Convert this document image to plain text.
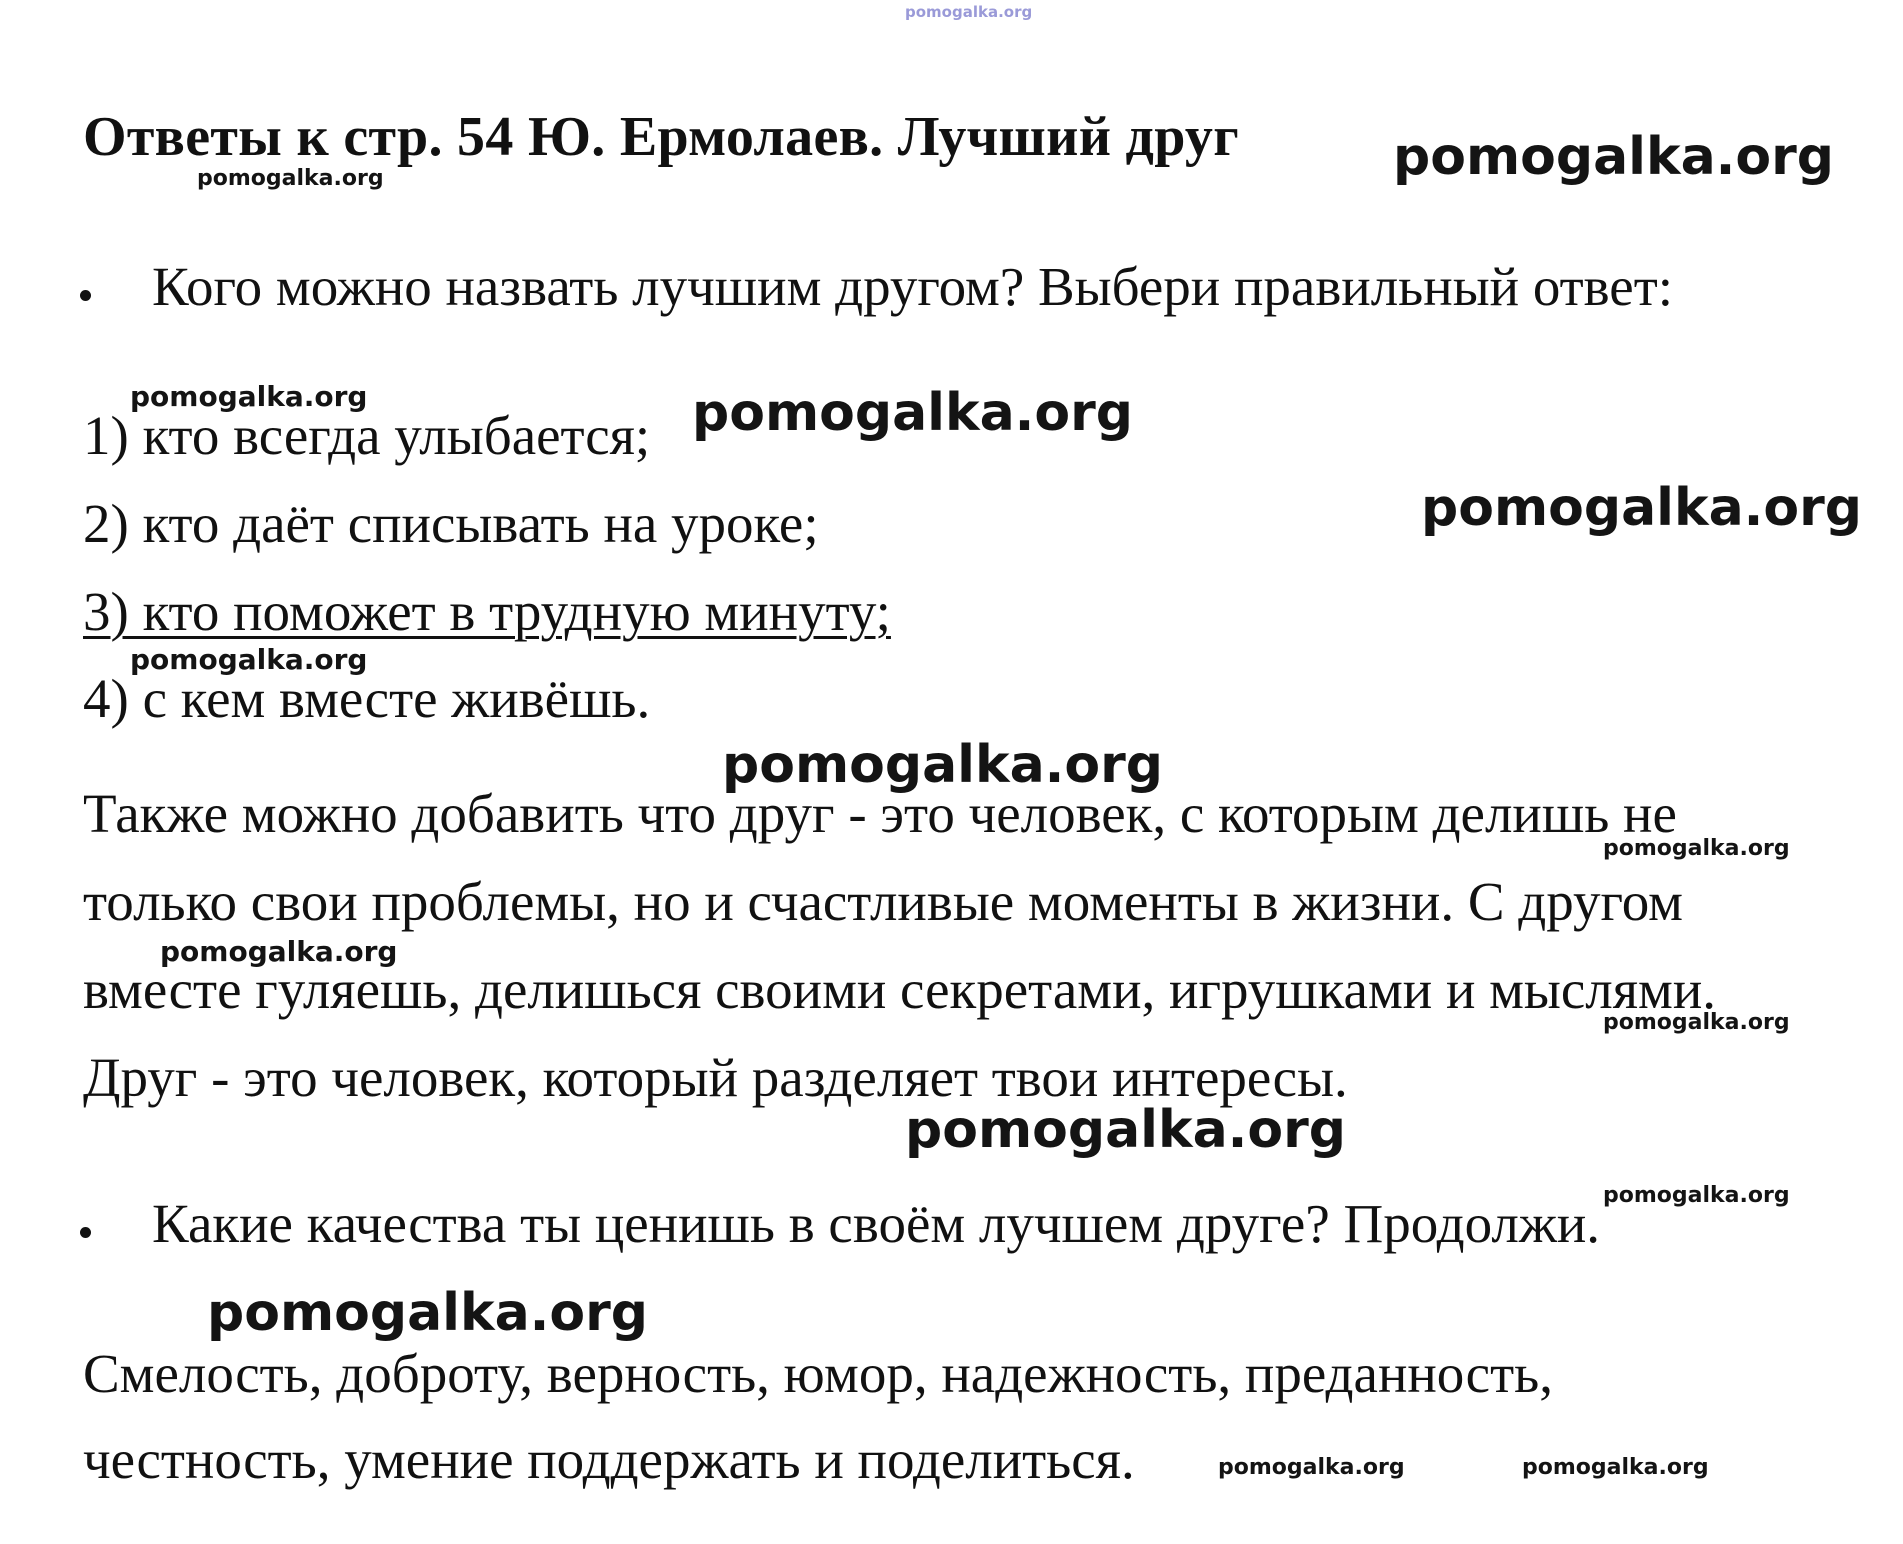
pomogalka.org
Ответы к стр. 54 Ю. Ермолаев. Лучший друг
Кого можно назвать лучшим другом? Выбери правильный ответ:
1) кто всегда улыбается;
2) кто даёт списывать на уроке;
3) кто поможет в трудную минуту;
4) с кем вместе живёшь.
Также можно добавить что друг - это человек, с которым делишь не
только свои проблемы, но и счастливые моменты в жизни. С другом
вместе гуляешь, делишься своими секретами, игрушками и мыслями.
Друг - это человек, который разделяет твои интересы.
Какие качества ты ценишь в своём лучшем друге? Продолжи.
Смелость, доброту, верность, юмор, надежность, преданность,
честность, умение поддержать и поделиться.
pomogalka.org
pomogalka.org
pomogalka.org	pomogalka.org
pomogalka.org
pomogalka.org
pomogalka.org
pomogalka.org
pomogalka.org
pomogalka.org
pomogalka.org
pomogalka.org
pomogalka.org
pomogalka.org	pomogalka.org
